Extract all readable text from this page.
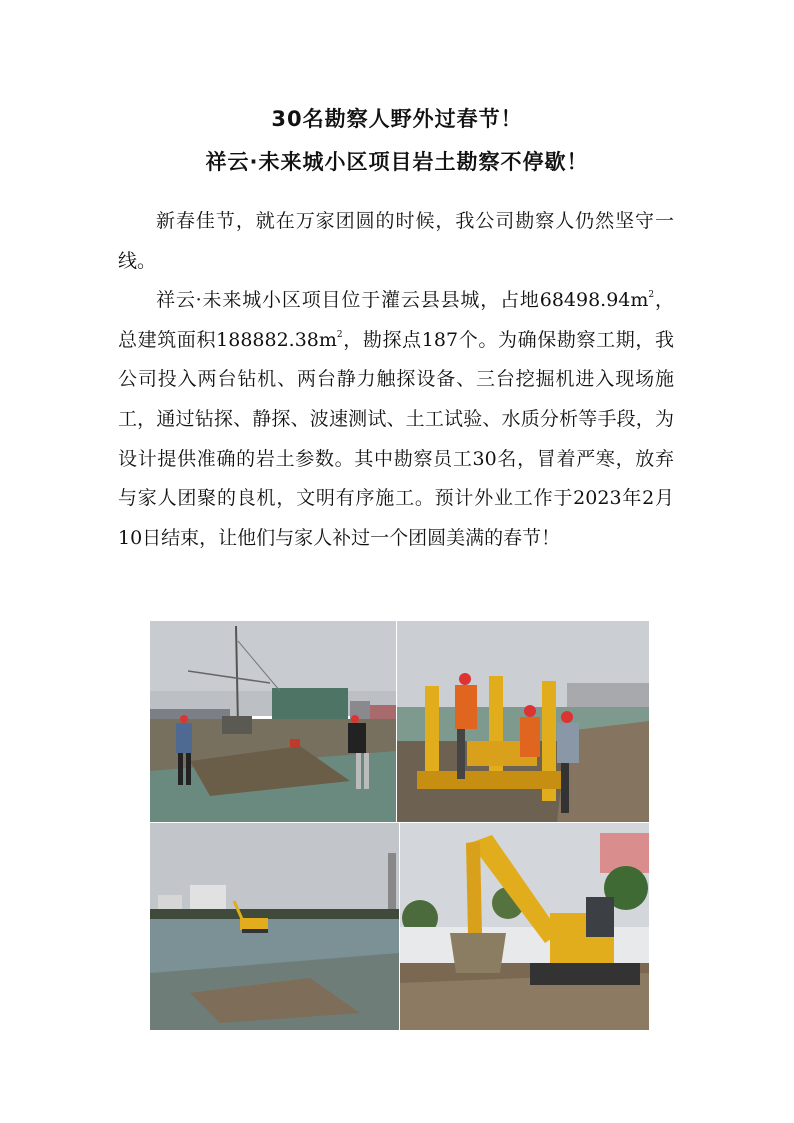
30名勘察人野外过春节！
祥云·未来城小区项目岩土勘察不停歇！

新春佳节，就在万家团圆的时候，我公司勘察人仍然坚守一线。

祥云·未来城小区项目位于灌云县县城，占地$68498.94m^2$，总建筑面积$188882.38m^2$，勘探点187个。为确保勘察工期，我公司投入两台钻机、两台静力触探设备、三台挖掘机进入现场施工，通过钻探、静探、波速测试、土工试验、水质分析等手段，为设计提供准确的岩土参数。其中勘察员工30名，冒着严寒，放弃与家人团聚的良机，文明有序施工。预计外业工作于2023年2月10日结束，让他们与家人补过一个团圆美满的春节！
